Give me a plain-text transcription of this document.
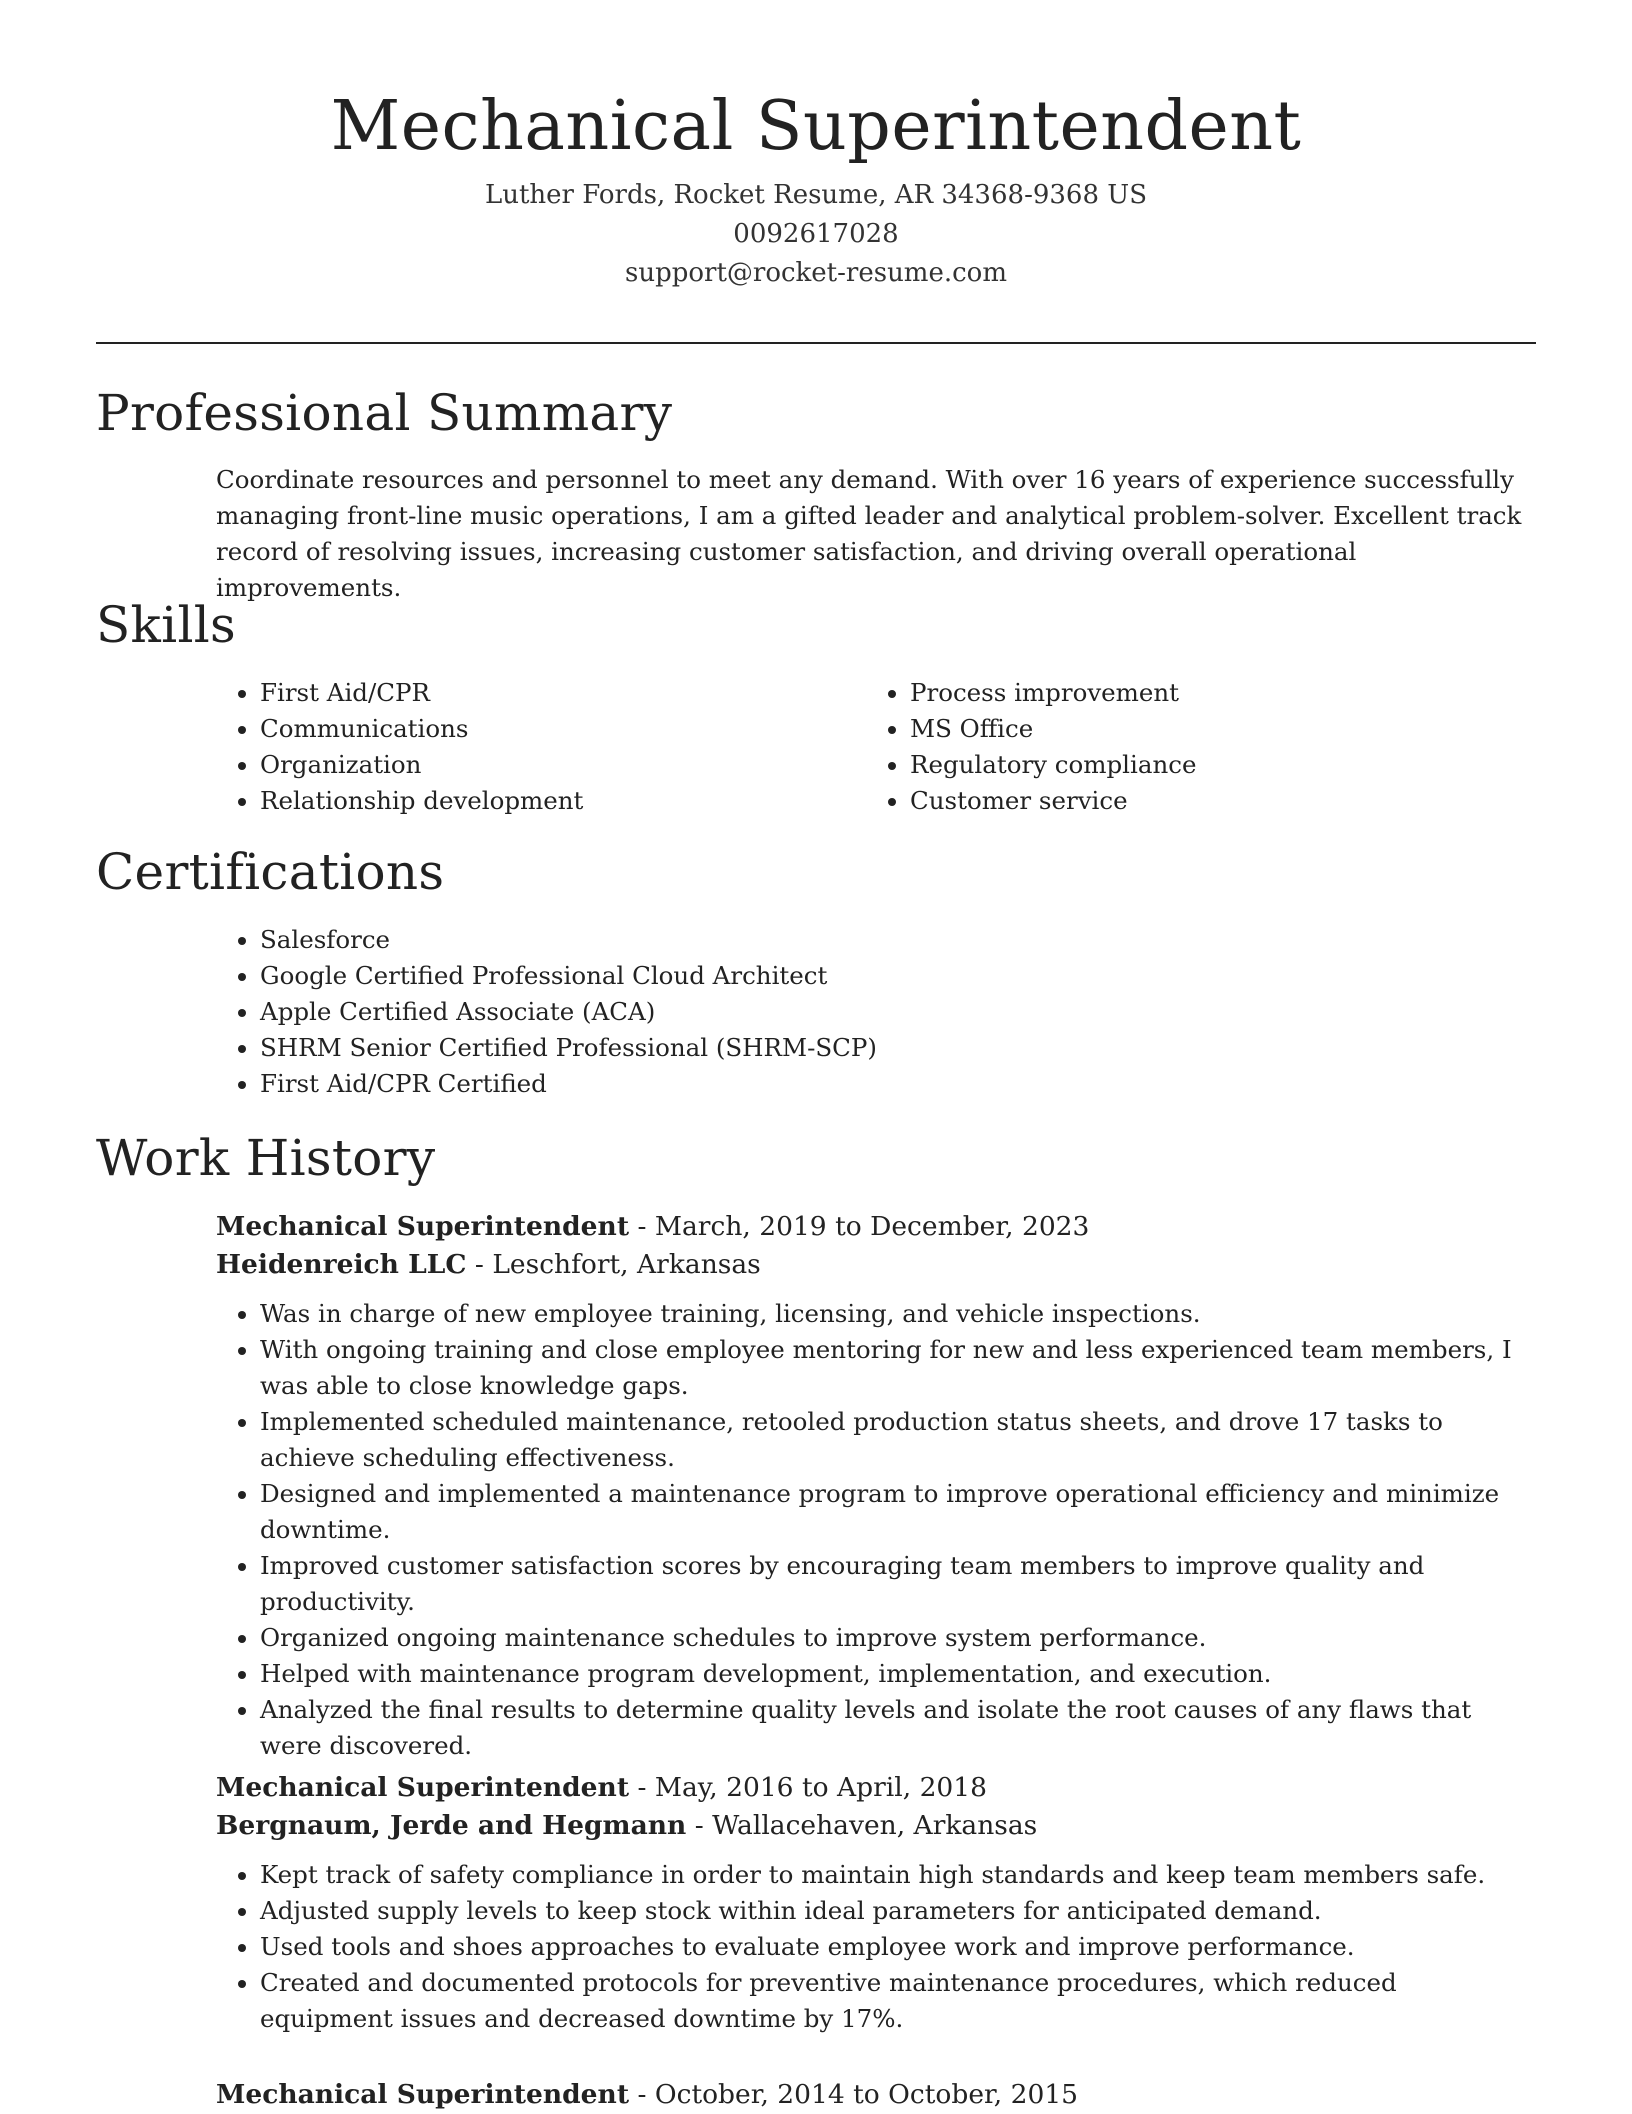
Mechanical Superintendent
Luther Fords, Rocket Resume, AR 34368-9368 US
0092617028
support@rocket-resume.com
Professional Summary
Coordinate resources and personnel to meet any demand. With over 16 years of experience successfully managing front-line music operations, I am a gifted leader and analytical problem-solver. Excellent track record of resolving issues, increasing customer satisfaction, and driving overall operational improvements.
Skills
• First Aid/CPR
• Communications
• Organization
• Relationship development
• Process improvement
• MS Office
• Regulatory compliance
• Customer service
Certifications
• Salesforce
• Google Certified Professional Cloud Architect
• Apple Certified Associate (ACA)
• SHRM Senior Certified Professional (SHRM-SCP)
• First Aid/CPR Certified
Work History
Mechanical Superintendent - March, 2019 to December, 2023
Heidenreich LLC - Leschfort, Arkansas
• Was in charge of new employee training, licensing, and vehicle inspections.
• With ongoing training and close employee mentoring for new and less experienced team members, I was able to close knowledge gaps.
• Implemented scheduled maintenance, retooled production status sheets, and drove 17 tasks to achieve scheduling effectiveness.
• Designed and implemented a maintenance program to improve operational efficiency and minimize downtime.
• Improved customer satisfaction scores by encouraging team members to improve quality and productivity.
• Organized ongoing maintenance schedules to improve system performance.
• Helped with maintenance program development, implementation, and execution.
• Analyzed the final results to determine quality levels and isolate the root causes of any flaws that were discovered.
Mechanical Superintendent - May, 2016 to April, 2018
Bergnaum, Jerde and Hegmann - Wallacehaven, Arkansas
• Kept track of safety compliance in order to maintain high standards and keep team members safe.
• Adjusted supply levels to keep stock within ideal parameters for anticipated demand.
• Used tools and shoes approaches to evaluate employee work and improve performance.
• Created and documented protocols for preventive maintenance procedures, which reduced equipment issues and decreased downtime by 17%.
Mechanical Superintendent - October, 2014 to October, 2015
